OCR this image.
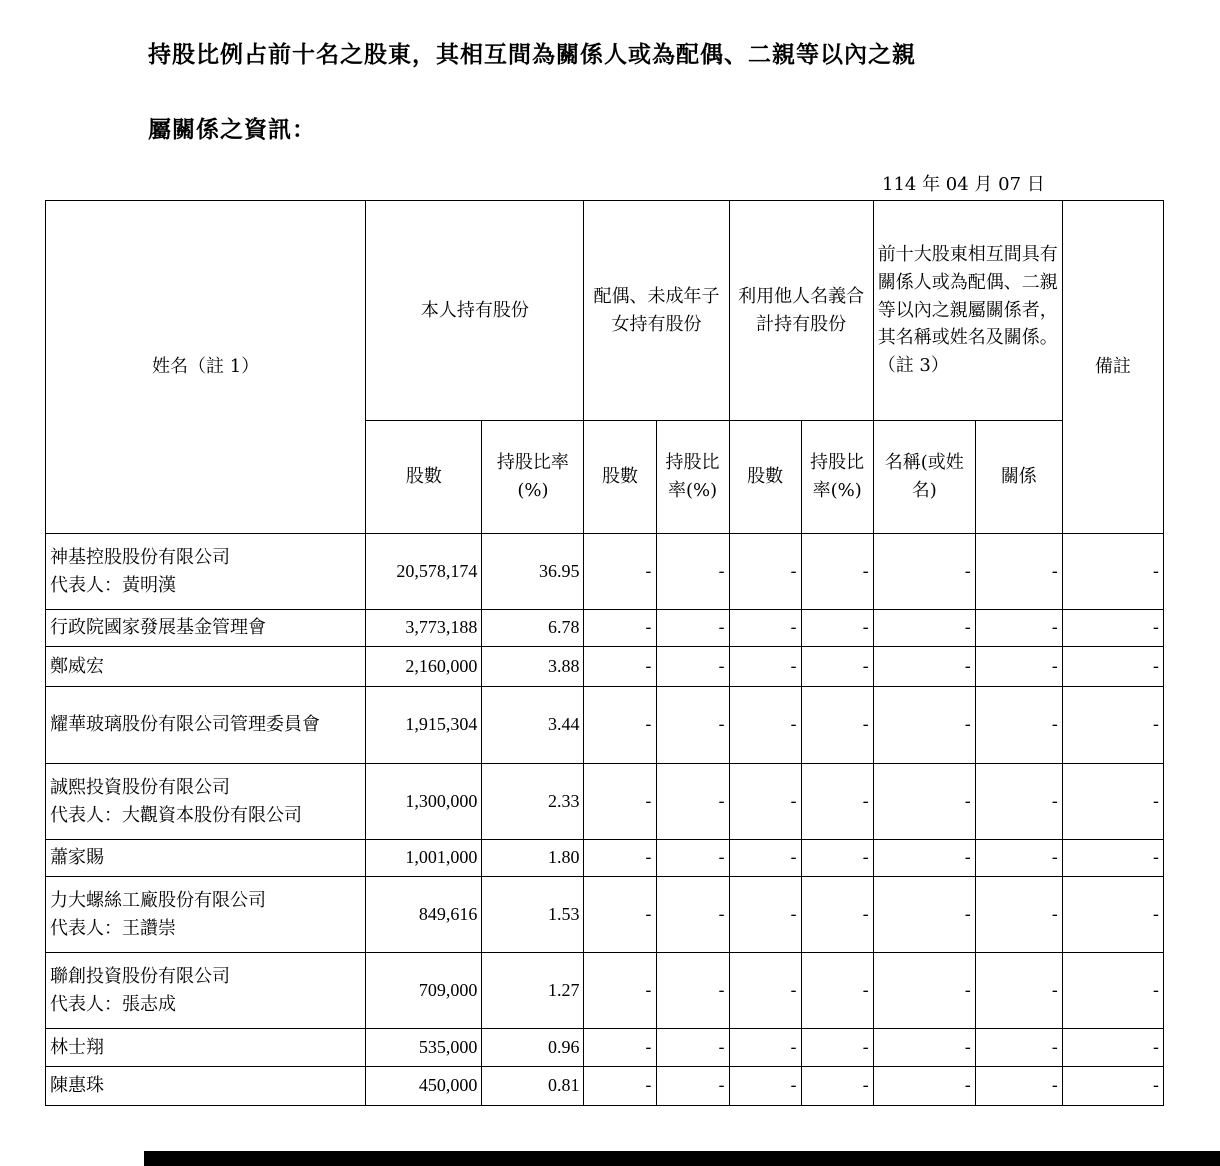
持股比例占前十名之股東，其相互間為關係人或為配偶、二親等以內之親
屬關係之資訊：
114 年 04 月 07 日
姓名（註 1）	本人持有股份		配偶、未成年子女持有股份		利用他人名義合計持有股份		前十大股東相互間具有關係人或為配偶、二親等以內之親屬關係者，其名稱或姓名及關係。（註 3）		備註
	股數	持股比率(%)	股數	持股比率(%)	股數	持股比率(%)	名稱(或姓名)	關係	

神基控股股份有限公司
代表人：黃明漢	20,578,174	36.95	-	-	-	-	-	-	-

行政院國家發展基金管理會	3,773,188	6.78	-	-	-	-	-	-	-

鄭威宏	2,160,000	3.88	-	-	-	-	-	-	-

耀華玻璃股份有限公司管理委員會	1,915,304	3.44	-	-	-	-	-	-	-

誠熙投資股份有限公司
代表人：大觀資本股份有限公司	1,300,000	2.33	-	-	-	-	-	-	-

蕭家賜	1,001,000	1.80	-	-	-	-	-	-	-

力大螺絲工廠股份有限公司
代表人：王讚崇	849,616	1.53	-	-	-	-	-	-	-

聯創投資股份有限公司
代表人：張志成	709,000	1.27	-	-	-	-	-	-	-

林士翔	535,000	0.96	-	-	-	-	-	-	-

陳惠珠	450,000	0.81	-	-	-	-	-	-	-
